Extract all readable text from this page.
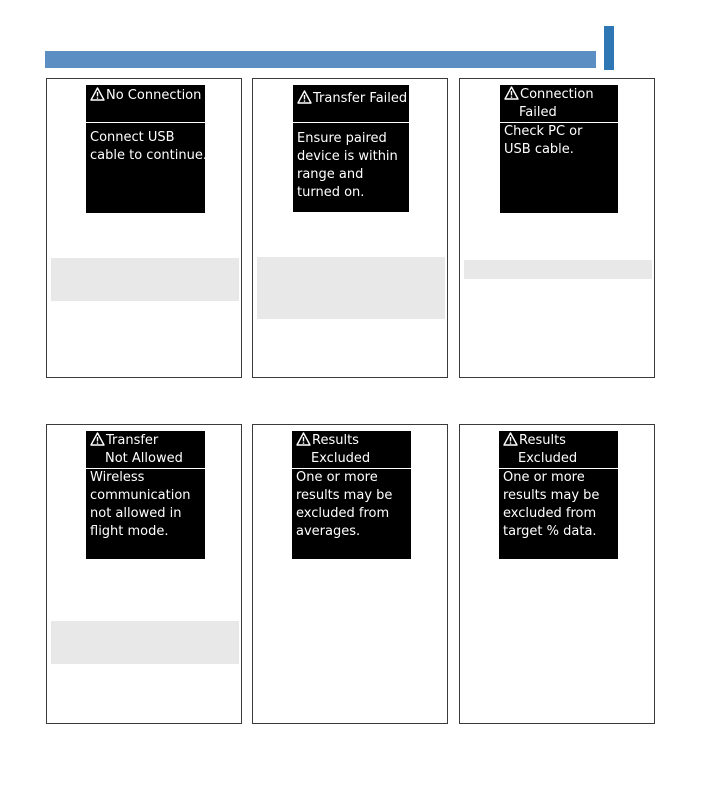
No Connection
Connect USB
cable to continue.
Transfer Failed
Ensure paired
device is within
range and
turned on.
Connection
Failed
Check PC or
USB cable.
Transfer
Not Allowed
Wireless
communication
not allowed in
flight mode.
Results
Excluded
One or more
results may be
excluded from
averages.
Results
Excluded
One or more
results may be
excluded from
target % data.
